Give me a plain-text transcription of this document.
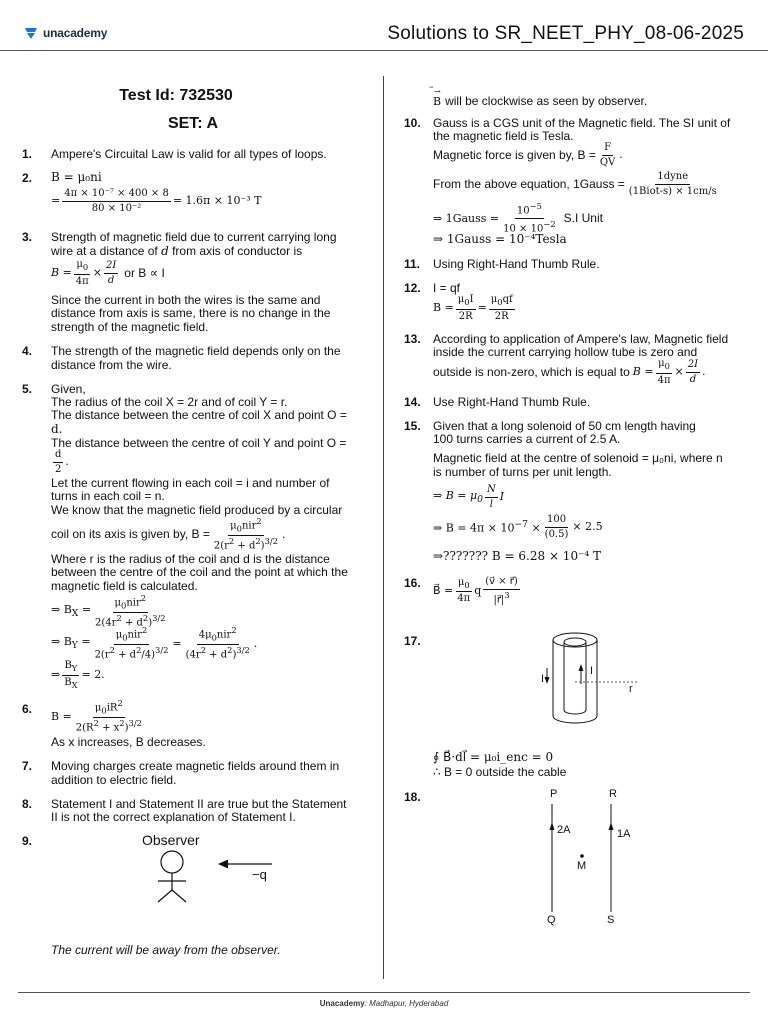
unacademy	Solutions to SR_NEET_PHY_08-06-2025
Test Id: 732530
SET: A
1. Ampere's Circuital Law is valid for all types of loops.
2. B = μ₀ni
= $\frac{\text{4π × 10⁻⁷ × 400 × 8}}{\text{80 × 10⁻²}} = 1.6\pi \times 10^{-3}$ T
3. Strength of magnetic field due to current carrying long
wire at a distance of d from axis of conductor is
$B = \frac{\mu_0}{4\pi} \times \frac{2I}{d}$ or B ∝ I
Since the current in both the wires is the same and
distance from axis is same, there is no change in the
strength of the magnetic field.
4. The strength of the magnetic field depends only on the
distance from the wire.
5. Given,
The radius of the coil X = 2r and of coil Y = r.
The distance between the centre of coil X and point O =
d.
The distance between the centre of coil Y and point O =
$\frac{d}{2}$ .
Let the current flowing in each coil = i and number of
turns in each coil = n.
We know that the magnetic field produced by a circular
coil on its axis is given by, $B = \frac{\mu_0nir^2}{2(r^2 + d^2)^{3/2}}$ .
Where r is the radius of the coil and d is the distance
between the centre of the coil and the point at which the
magnetic field is calculated.
⇒ $B_X = \frac{\mu_0nir^2}{2(4r^2 + d^2)^{3/2}}$
⇒ $B_Y = \frac{\mu_0nir^2}{2(r^2 + d^2/4)^{3/2}} = \frac{4\mu_0nir^2}{(4r^2 + d^2)^{3/2}}$ .
⇒ $\frac{B_Y}{B_X} = 2$.
6.
$B = \frac{\mu_0iR^2}{2(R^2 + x^2)^{3/2}}$
As x increases, B decreases.
7. Moving charges create magnetic fields around them in
addition to electric field.
8. Statement I and Statement II are true but the Statement
II is not the correct explanation of Statement I.
9.	Observer
−q
The current will be away from the observer.
B
→
will be clockwise as seen by observer.
10. Gauss is a CGS unit of the Magnetic field. The SI unit of
the magnetic field is Tesla.
Magnetic force is given by, $B = \frac{F}{QV}$ .
From the above equation, 1Gauss = $\frac{\text{1dyne}}{\text{(1Biot-s) × 1cm/s}}$
⇒ 1Gauss = $\frac{10^{-5}}{10 \times 10^{-2}} S.I$ Unit
⇒ 1Gauss = 10⁻⁴Tesla
11. Using Right-Hand Thumb Rule.
12. I = qf
$B = \frac{\mu_0I}{2R} = \frac{\mu_0qf}{2R}$
13. According to application of Ampere's law, Magnetic field
inside the current carrying hollow tube is zero and
outside is non-zero, which is equal to $B = \frac{\mu_0}{4\pi} \times \frac{2I}{d}$ .
14. Use Right-Hand Thumb Rule.
15. Given that a long solenoid of 50 cm length having
100 turns carries a current of 2.5 A.
Magnetic field at the centre of solenoid = μ₀ni, where n
is number of turns per unit length.
⇒ $B = \mu_0 \frac{N}{l}$ I
⇒ $B = 4\pi \times 10^{-7} \times \frac{100}{(0.5)} \times 2.5$
⇒??????? B = 6.28 × 10⁻⁴ T
16.
B⃗ = $\frac{\mu_0}{4\pi}$ q $\frac{(v⃗ \times r⃗)}{|r⃗|^3}$
17.
I
I
r
∮ B⃗·dl⃗ = μ₀i_enc = 0
∴ B = 0 outside the cable
18.	P	R
2A	1A
M
Q	S
Unacademy: Madhapur, Hyderabad
